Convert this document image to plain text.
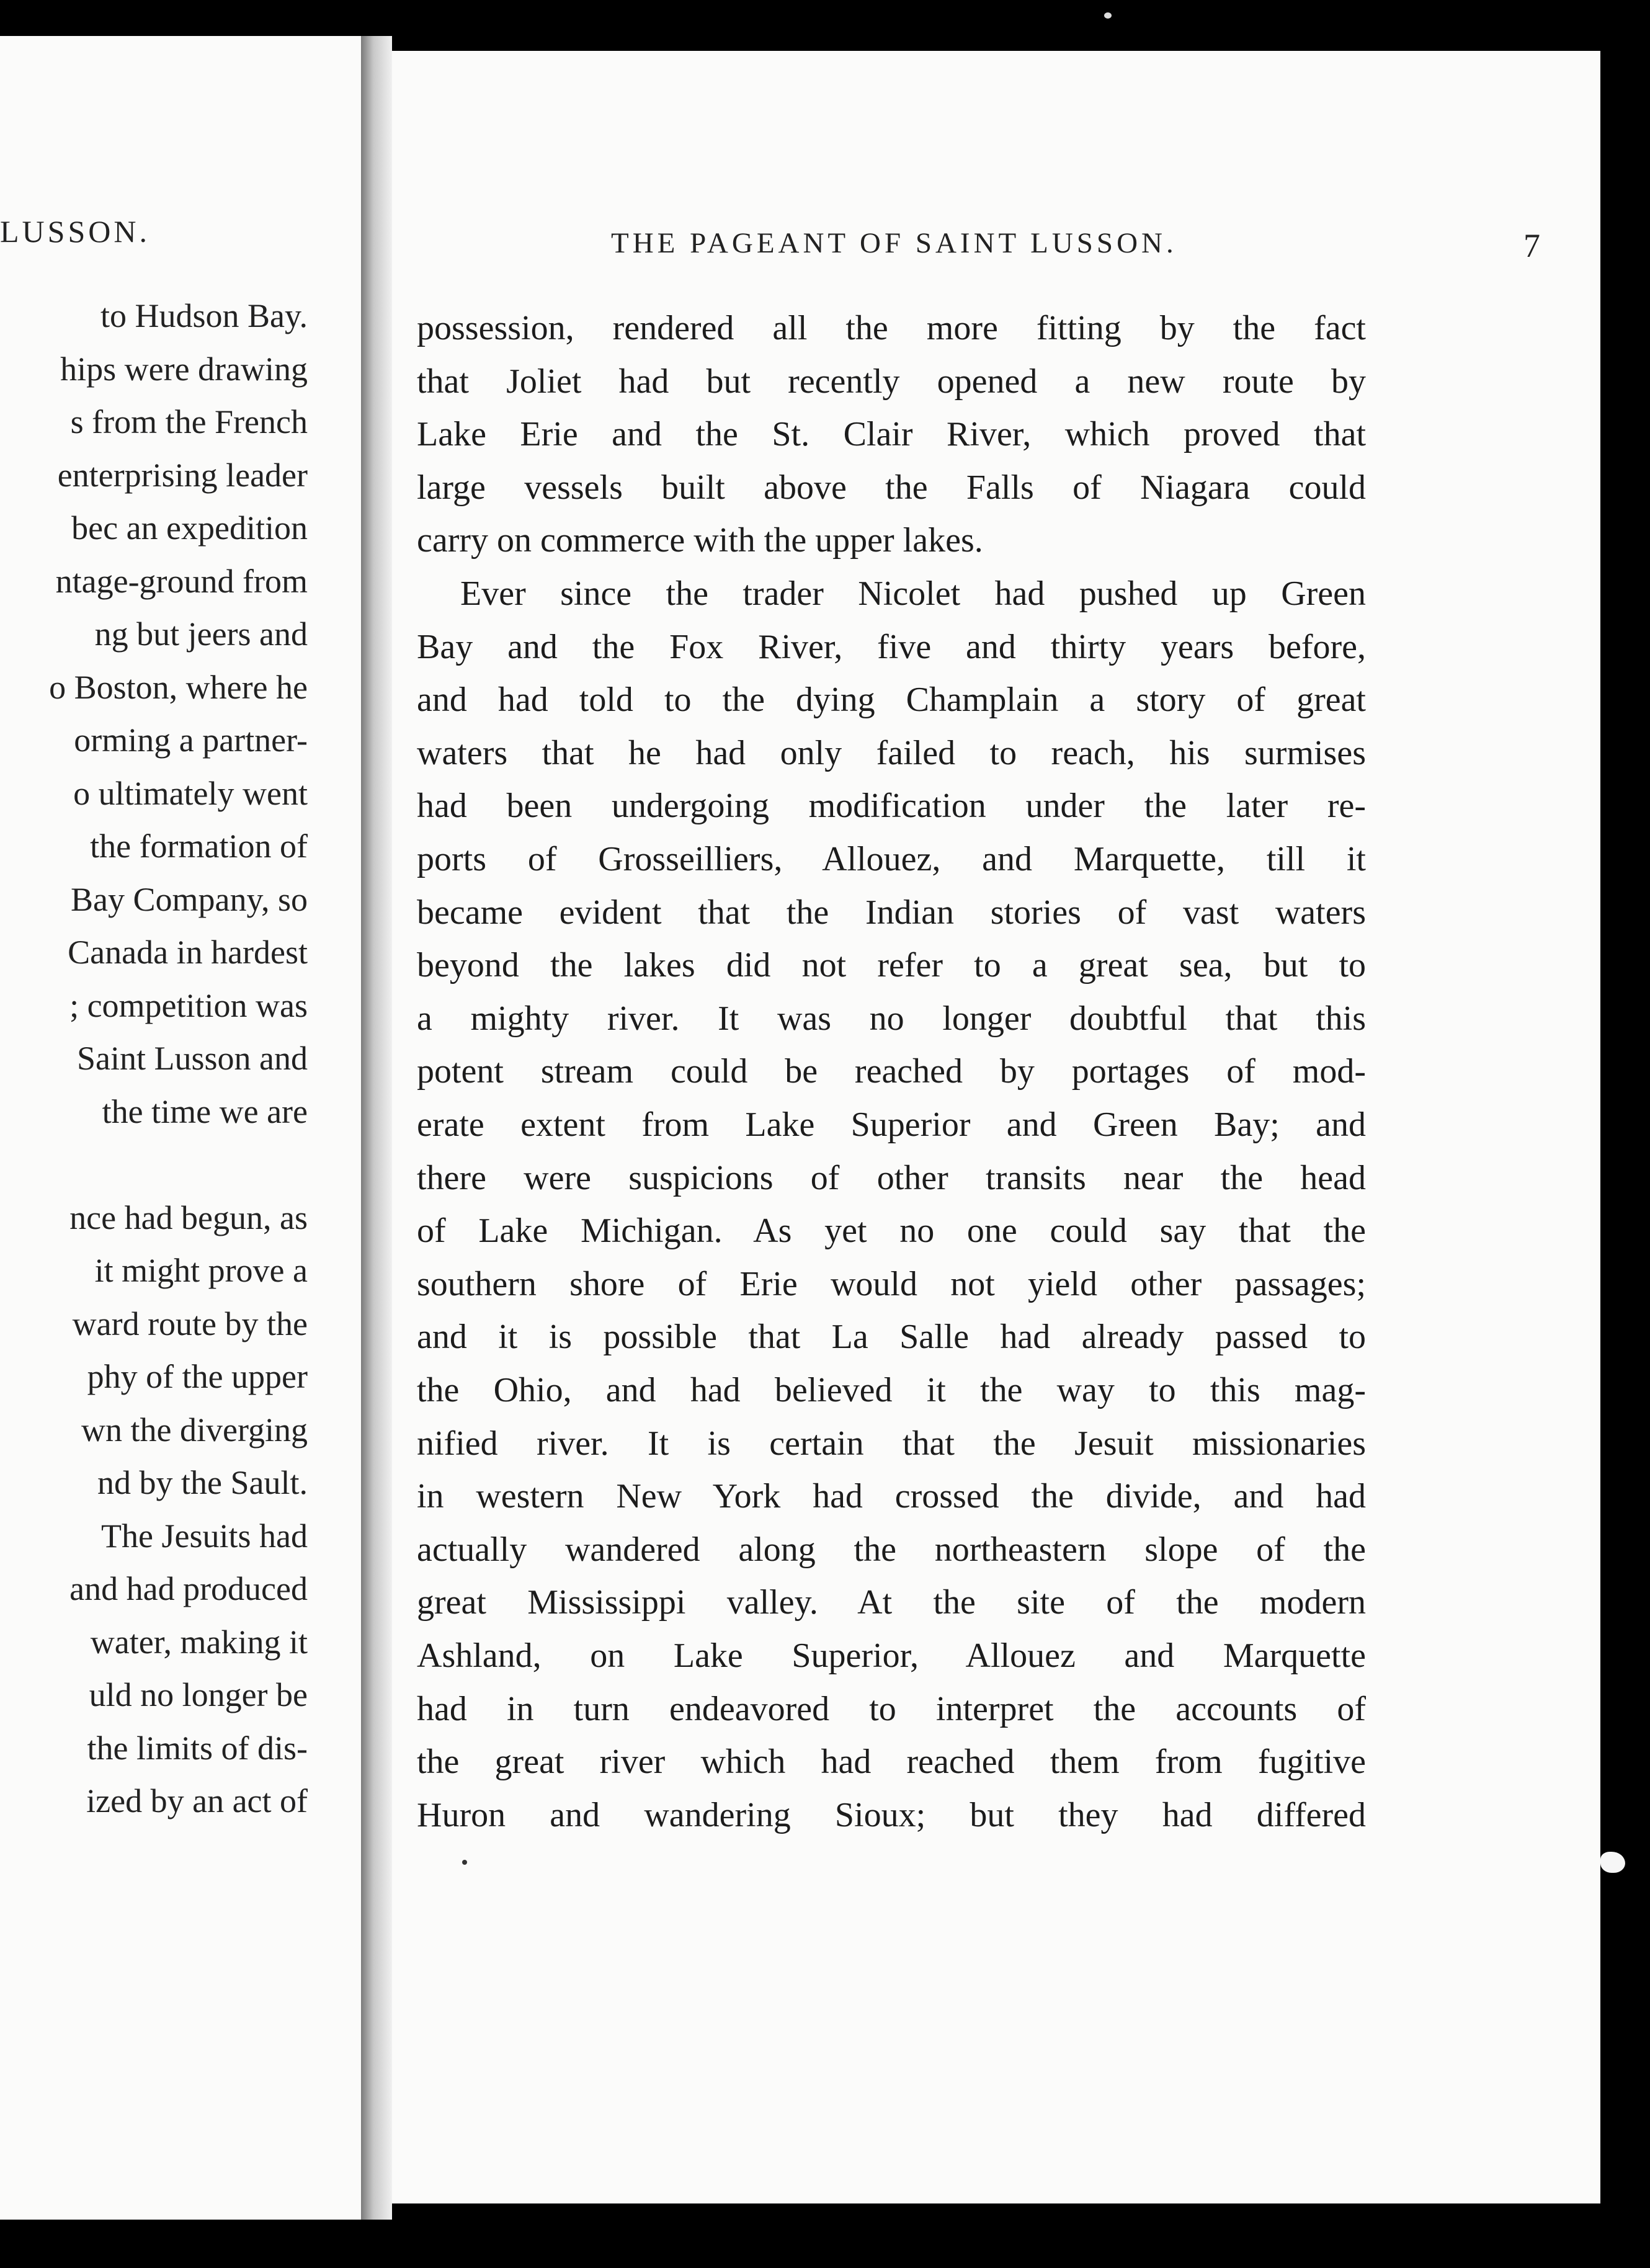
LUSSON.
to Hudson Bay.
hips were drawing
s from the French
enterprising leader
bec an expedition
ntage-ground from
ng but jeers and
o Boston, where he
orming a partner-
o ultimately went
the formation of
Bay Company, so
Canada in hardest
; competition was
Saint Lusson and
the time we are
nce had begun, as
it might prove a
ward route by the
phy of the upper
wn the diverging
nd by the Sault.
The Jesuits had
and had produced
water, making it
uld no longer be
the limits of dis-
ized by an act of
THE PAGEANT OF SAINT LUSSON.	7
possession, rendered all the more fitting by the fact
that Joliet had but recently opened a new route by
Lake Erie and the St. Clair River, which proved that
large vessels built above the Falls of Niagara could
carry on commerce with the upper lakes.
Ever since the trader Nicolet had pushed up Green
Bay and the Fox River, five and thirty years before,
and had told to the dying Champlain a story of great
waters that he had only failed to reach, his surmises
had been undergoing modification under the later re-
ports of Grosseilliers, Allouez, and Marquette, till it
became evident that the Indian stories of vast waters
beyond the lakes did not refer to a great sea, but to
a mighty river. It was no longer doubtful that this
potent stream could be reached by portages of mod-
erate extent from Lake Superior and Green Bay; and
there were suspicions of other transits near the head
of Lake Michigan. As yet no one could say that the
southern shore of Erie would not yield other passages;
and it is possible that La Salle had already passed to
the Ohio, and had believed it the way to this mag-
nified river. It is certain that the Jesuit missionaries
in western New York had crossed the divide, and had
actually wandered along the northeastern slope of the
great Mississippi valley. At the site of the modern
Ashland, on Lake Superior, Allouez and Marquette
had in turn endeavored to interpret the accounts of
the great river which had reached them from fugitive
Huron and wandering Sioux; but they had differed
